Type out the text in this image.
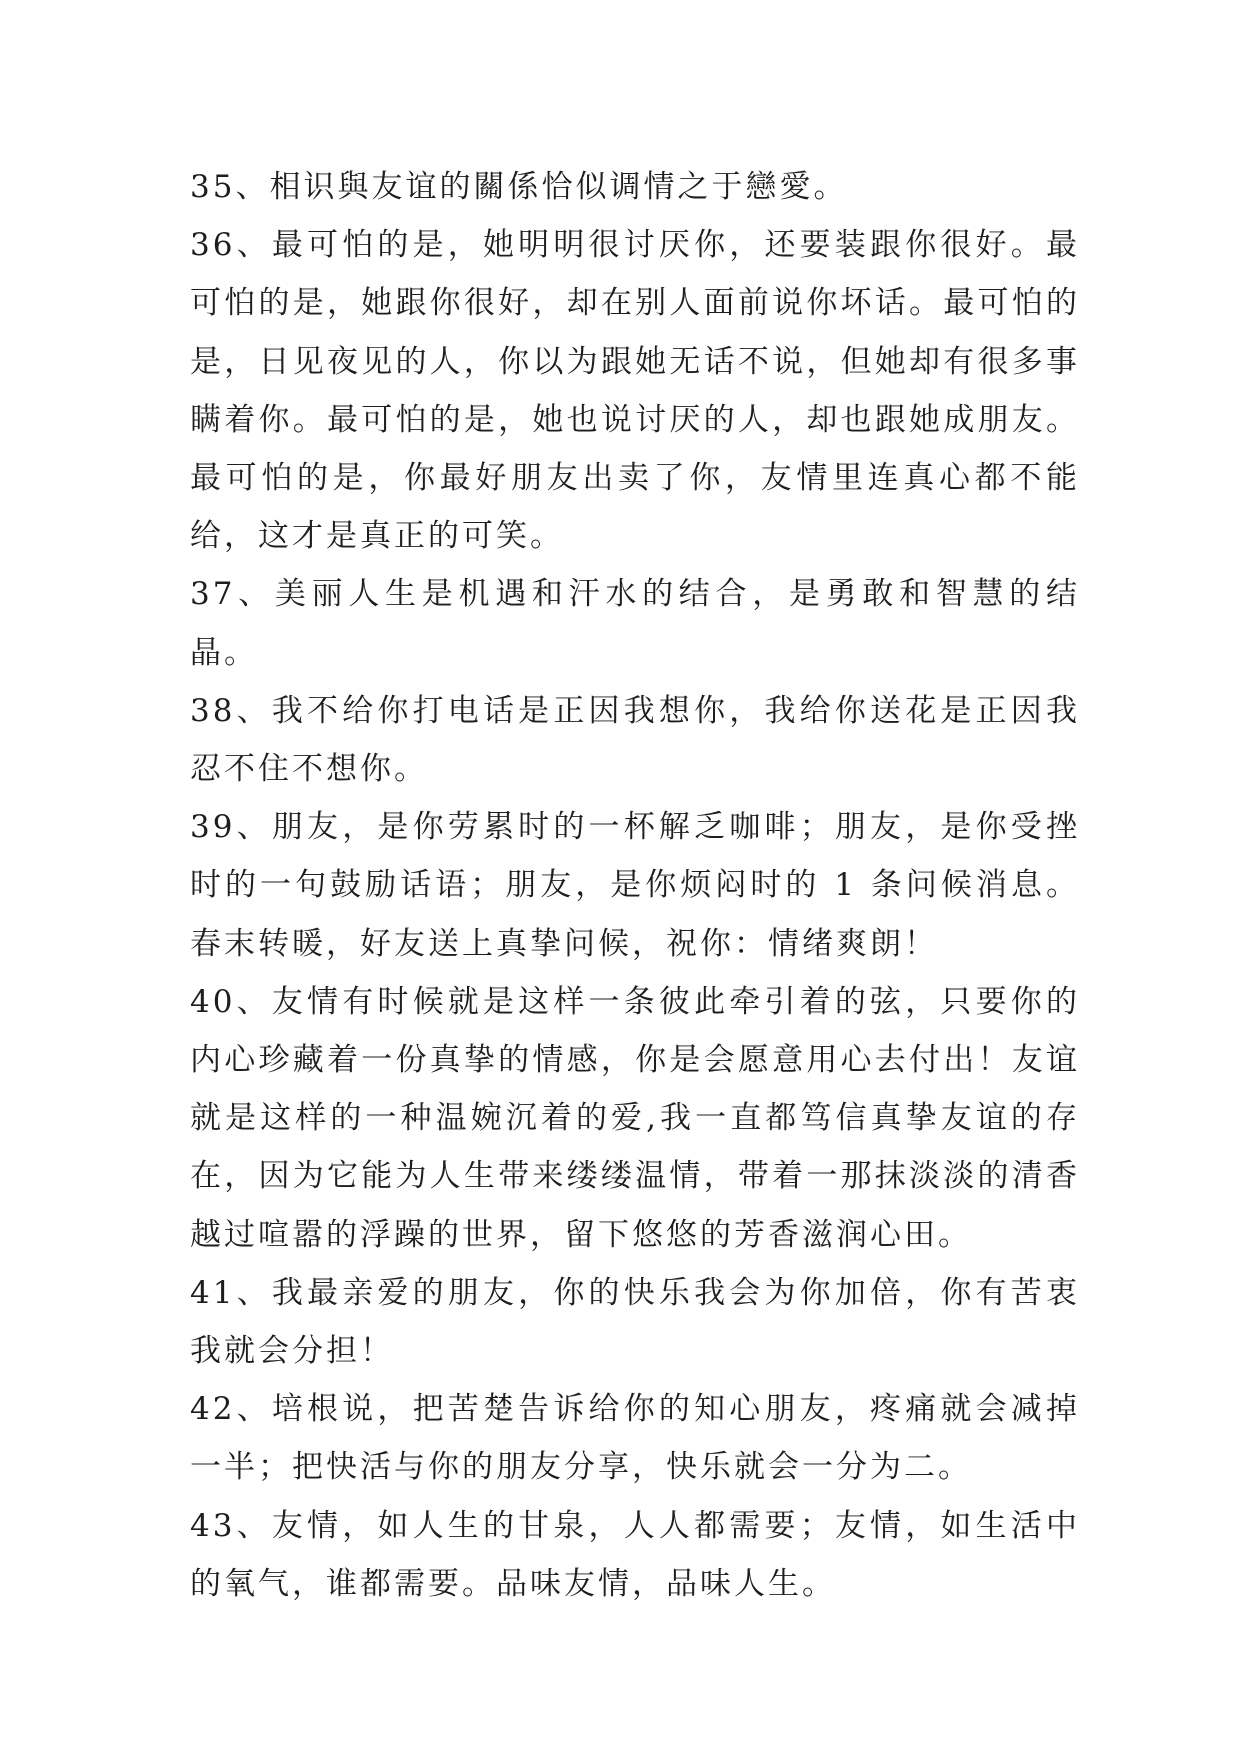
35、相识與友谊的關係恰似调情之于戀愛。

36、最可怕的是，她明明很讨厌你，还要装跟你很好。最可怕的是，她跟你很好，却在别人面前说你坏话。最可怕的是，日见夜见的人，你以为跟她无话不说，但她却有很多事瞒着你。最可怕的是，她也说讨厌的人，却也跟她成朋友。最可怕的是，你最好朋友出卖了你，友情里连真心都不能给，这才是真正的可笑。

37、美丽人生是机遇和汗水的结合，是勇敢和智慧的结晶。

38、我不给你打电话是正因我想你，我给你送花是正因我忍不住不想你。

39、朋友，是你劳累时的一杯解乏咖啡；朋友，是你受挫时的一句鼓励话语；朋友，是你烦闷时的 1 条问候消息。春末转暖，好友送上真挚问候，祝你：情绪爽朗！

40、友情有时候就是这样一条彼此牵引着的弦，只要你的内心珍藏着一份真挚的情感，你是会愿意用心去付出！友谊就是这样的一种温婉沉着的爱,我一直都笃信真挚友谊的存在，因为它能为人生带来缕缕温情，带着一那抹淡淡的清香越过喧嚣的浮躁的世界，留下悠悠的芳香滋润心田。

41、我最亲爱的朋友，你的快乐我会为你加倍，你有苦衷我就会分担！

42、培根说，把苦楚告诉给你的知心朋友，疼痛就会减掉一半；把快活与你的朋友分享，快乐就会一分为二。

43、友情，如人生的甘泉，人人都需要；友情，如生活中的氧气，谁都需要。品味友情，品味人生。
